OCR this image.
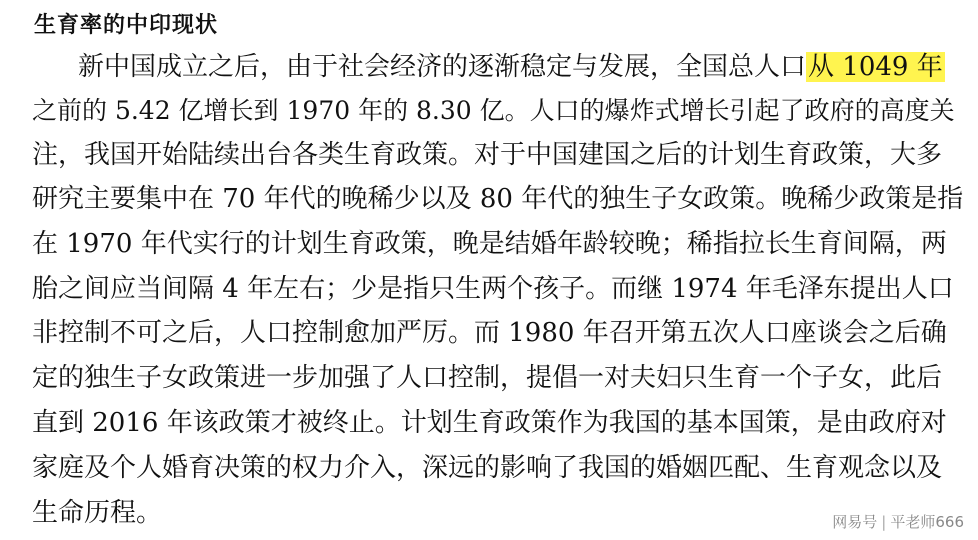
生育率的中印现状
新中国成立之后，由于社会经济的逐渐稳定与发展，全国总人口从 1049 年
之前的 5.42 亿增长到 1970 年的 8.30 亿。人口的爆炸式增长引起了政府的高度关
注，我国开始陆续出台各类生育政策。对于中国建国之后的计划生育政策，大多
研究主要集中在 70 年代的晚稀少以及 80 年代的独生子女政策。晚稀少政策是指
在 1970 年代实行的计划生育政策，晚是结婚年龄较晚；稀指拉长生育间隔，两
胎之间应当间隔 4 年左右；少是指只生两个孩子。而继 1974 年毛泽东提出人口
非控制不可之后，人口控制愈加严厉。而 1980 年召开第五次人口座谈会之后确
定的独生子女政策进一步加强了人口控制，提倡一对夫妇只生育一个子女，此后
直到 2016 年该政策才被终止。计划生育政策作为我国的基本国策，是由政府对
家庭及个人婚育决策的权力介入，深远的影响了我国的婚姻匹配、生育观念以及
生命历程。	网易号 | 平老师666
